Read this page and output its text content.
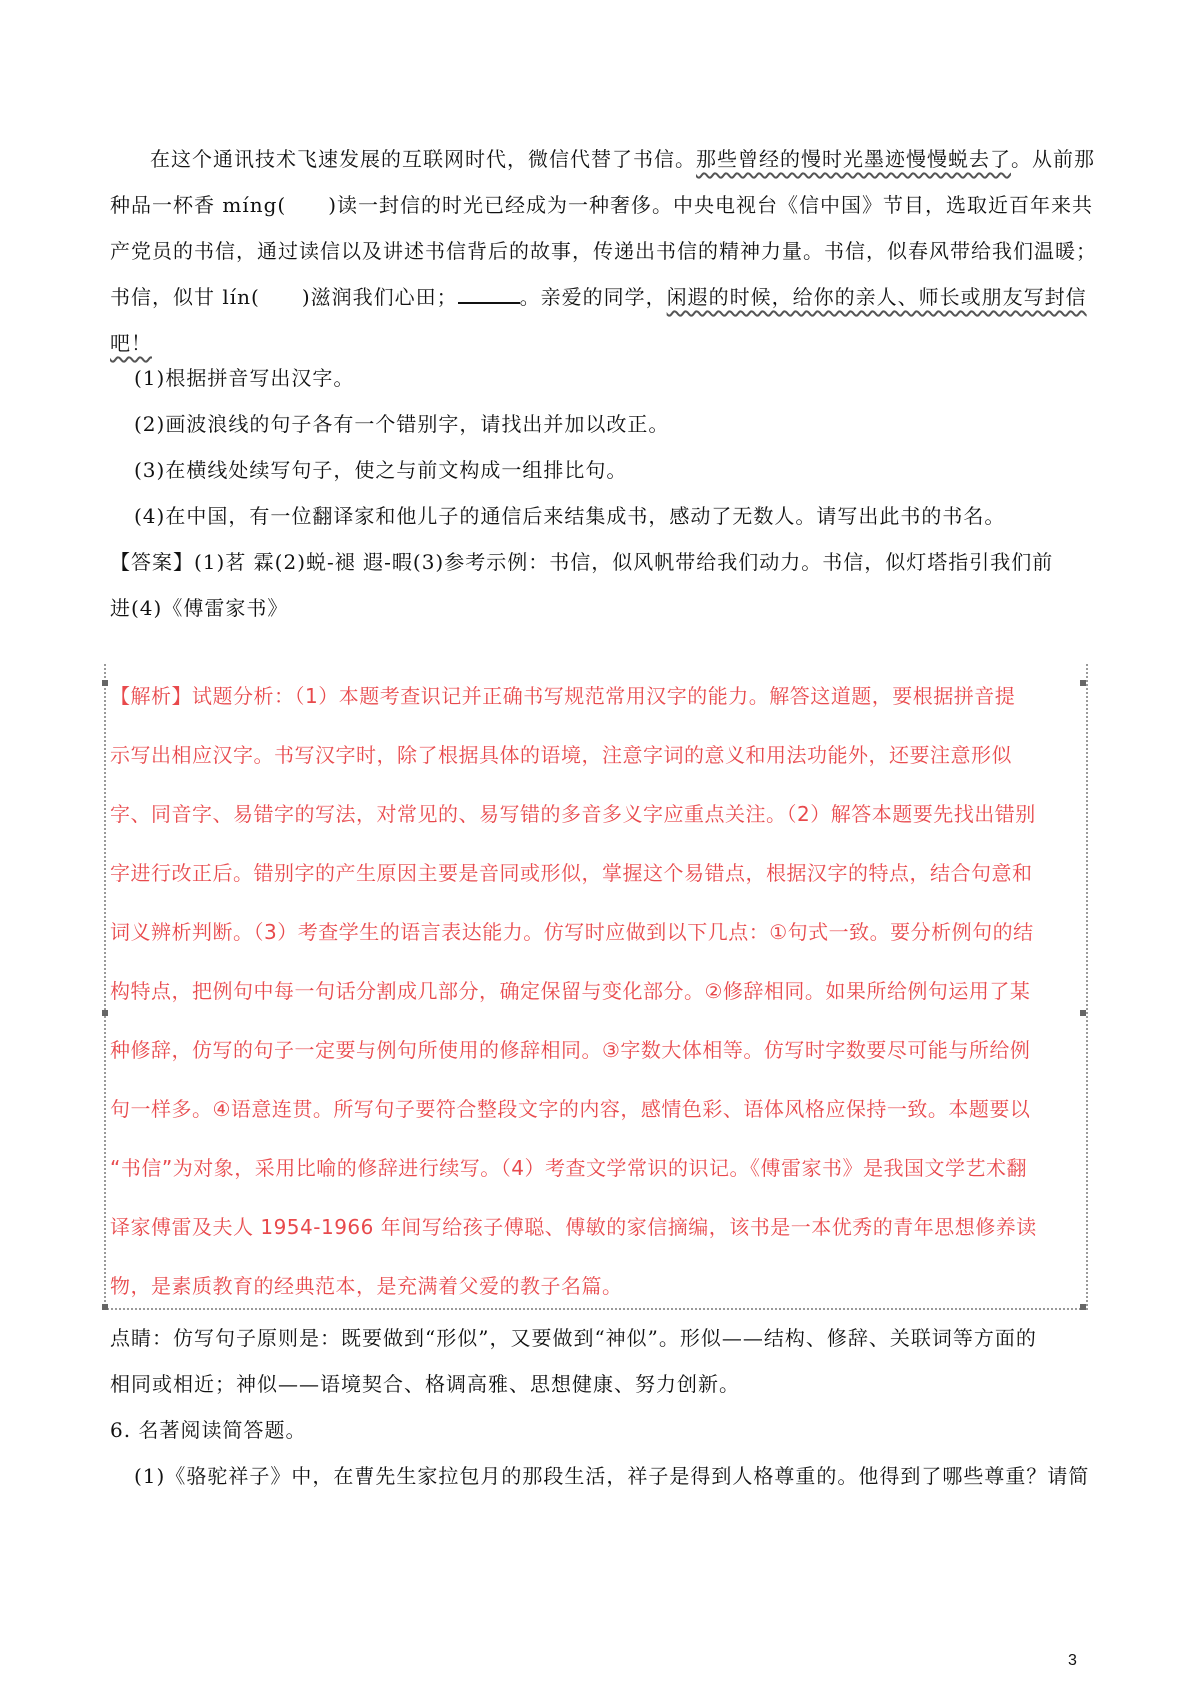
在这个通讯技术飞速发展的互联网时代，微信代替了书信。那些曾经的慢时光墨迹慢慢蜕去了。从前那种品一杯香 míng(　　)读一封信的时光已经成为一种奢侈。中央电视台《信中国》节目，选取近百年来共产党员的书信，通过读信以及讲述书信背后的故事，传递出书信的精神力量。书信，似春风带给我们温暖；书信，似甘 lín(　　)滋润我们心田；	。亲爱的同学，闲遐的时候，给你的亲人、师长或朋友写封信吧！
(1)根据拼音写出汉字。
(2)画波浪线的句子各有一个错别字，请找出并加以改正。
(3)在横线处续写句子，使之与前文构成一组排比句。
(4)在中国，有一位翻译家和他儿子的通信后来结集成书，感动了无数人。请写出此书的书名。
【答案】(1)茗 霖(2)蜕-褪 遐-暇(3)参考示例：书信，似风帆带给我们动力。书信，似灯塔指引我们前
进(4)《傅雷家书》
【解析】试题分析：（1）本题考查识记并正确书写规范常用汉字的能力。解答这道题，要根据拼音提
示写出相应汉字。书写汉字时，除了根据具体的语境，注意字词的意义和用法功能外，还要注意形似
字、同音字、易错字的写法，对常见的、易写错的多音多义字应重点关注。（2）解答本题要先找出错别
字进行改正后。错别字的产生原因主要是音同或形似，掌握这个易错点，根据汉字的特点，结合句意和
词义辨析判断。（3）考查学生的语言表达能力。仿写时应做到以下几点：①句式一致。要分析例句的结
构特点，把例句中每一句话分割成几部分，确定保留与变化部分。②修辞相同。如果所给例句运用了某
种修辞，仿写的句子一定要与例句所使用的修辞相同。③字数大体相等。仿写时字数要尽可能与所给例
句一样多。④语意连贯。所写句子要符合整段文字的内容，感情色彩、语体风格应保持一致。本题要以
“书信”为对象，采用比喻的修辞进行续写。（4）考查文学常识的识记。《傅雷家书》是我国文学艺术翻
译家傅雷及夫人 1954-1966 年间写给孩子傅聪、傅敏的家信摘编，该书是一本优秀的青年思想修养读
物，是素质教育的经典范本，是充满着父爱的教子名篇。
点睛：仿写句子原则是：既要做到“形似”，又要做到“神似”。形似——结构、修辞、关联词等方面的
相同或相近；神似——语境契合、格调高雅、思想健康、努力创新。
6. 名著阅读简答题。
(1)《骆驼祥子》中，在曹先生家拉包月的那段生活，祥子是得到人格尊重的。他得到了哪些尊重？请简
3
